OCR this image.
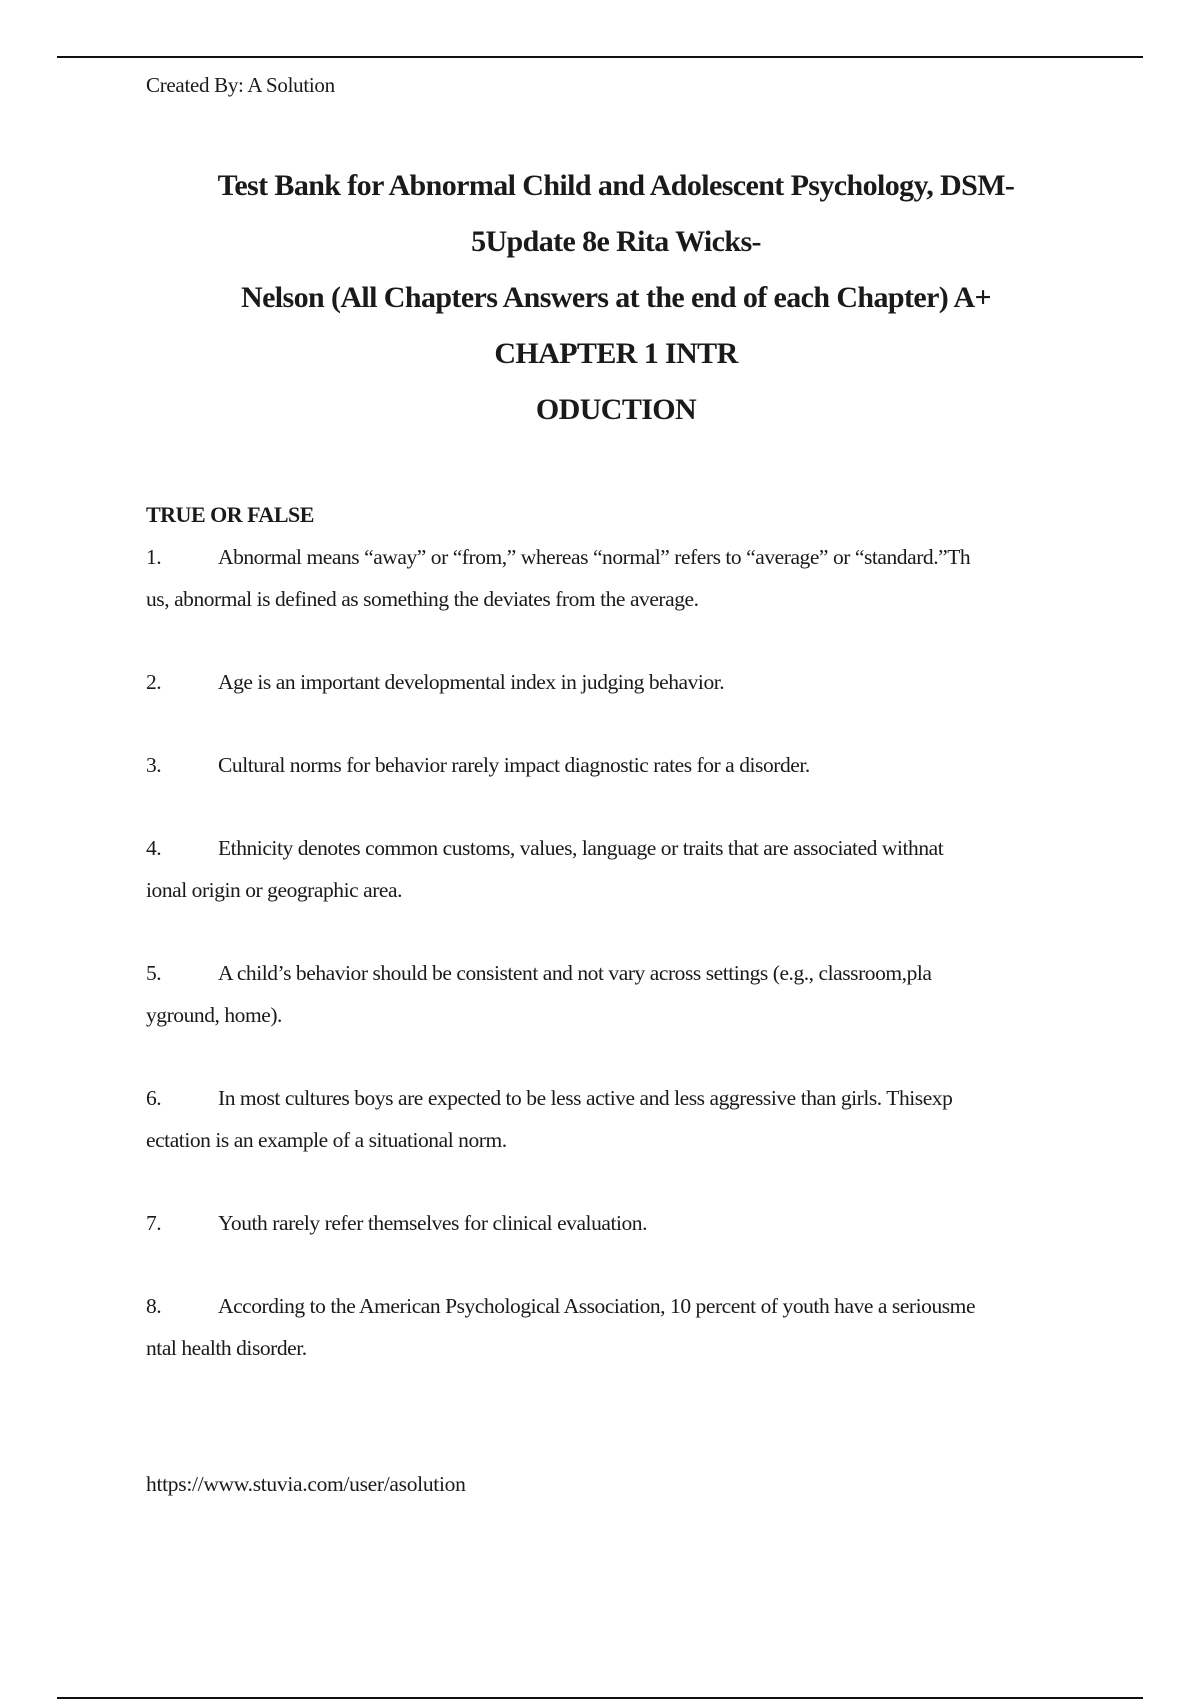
Created By: A Solution
Test Bank for Abnormal Child and Adolescent Psychology, DSM-
5Update 8e Rita Wicks-
Nelson (All Chapters Answers at the end of each Chapter) A+
CHAPTER 1 INTR
ODUCTION
TRUE OR FALSE
1.	Abnormal means “away” or “from,” whereas “normal” refers to “average” or “standard.”Th
us, abnormal is defined as something the deviates from the average.
2.	Age is an important developmental index in judging behavior.
3.	Cultural norms for behavior rarely impact diagnostic rates for a disorder.
4.	Ethnicity denotes common customs, values, language or traits that are associated withnat
ional origin or geographic area.
5.	A child’s behavior should be consistent and not vary across settings (e.g., classroom,pla
yground, home).
6.	In most cultures boys are expected to be less active and less aggressive than girls. Thisexp
ectation is an example of a situational norm.
7.	Youth rarely refer themselves for clinical evaluation.
8.	According to the American Psychological Association, 10 percent of youth have a seriousme
ntal health disorder.
https://www.stuvia.com/user/asolution
